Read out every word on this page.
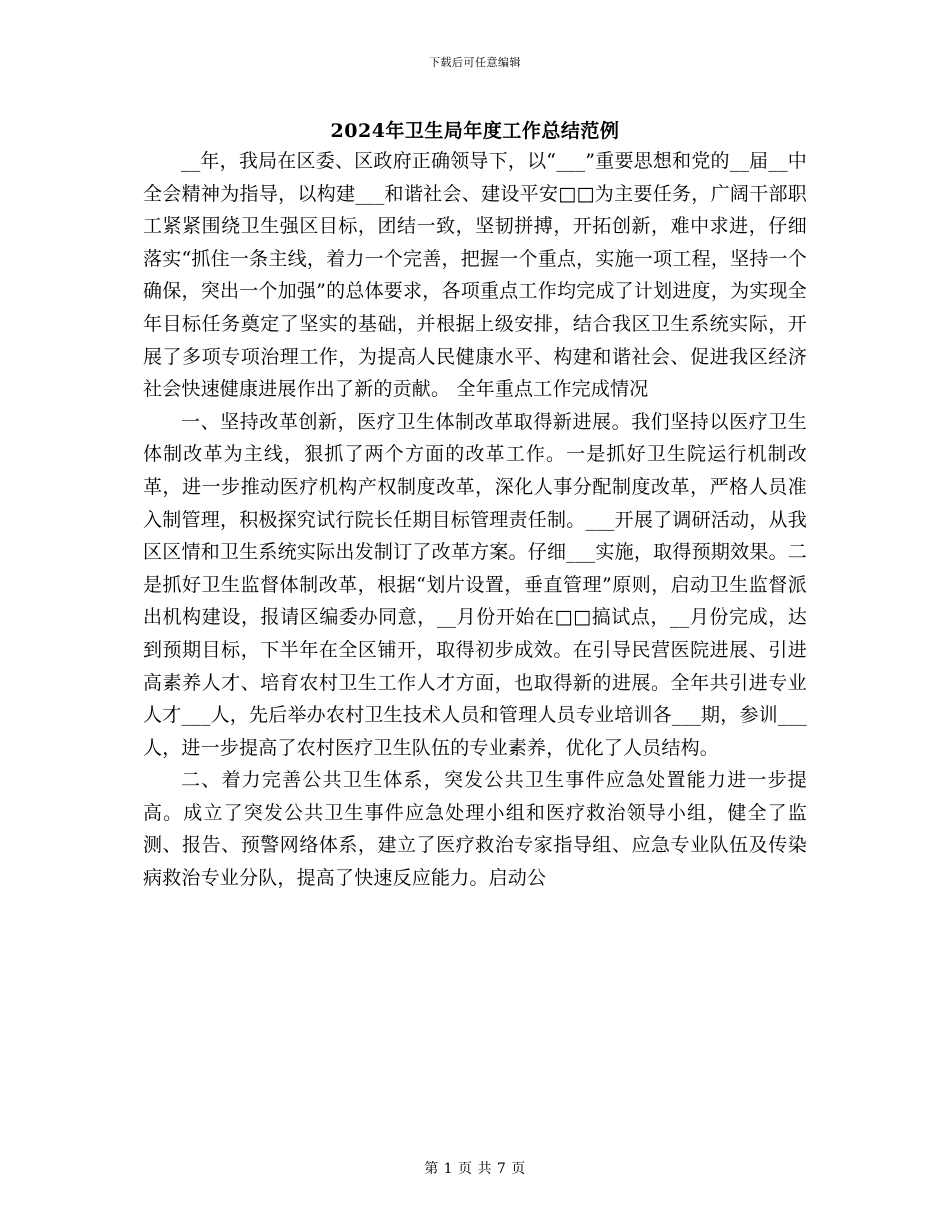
下载后可任意编辑
2024年卫生局年度工作总结范例

__年，我局在区委、区政府正确领导下，以“___”重要思想和党的__届__中全会精神为指导，以构建___和谐社会、建设平安□□为主要任务，广阔干部职工紧紧围绕卫生强区目标，团结一致，坚韧拼搏，开拓创新，难中求进，仔细落实“抓住一条主线，着力一个完善，把握一个重点，实施一项工程，坚持一个确保，突出一个加强”的总体要求，各项重点工作均完成了计划进度，为实现全年目标任务奠定了坚实的基础，并根据上级安排，结合我区卫生系统实际，开展了多项专项治理工作，为提高人民健康水平、构建和谐社会、促进我区经济社会快速健康进展作出了新的贡献。 全年重点工作完成情况

一、坚持改革创新，医疗卫生体制改革取得新进展。我们坚持以医疗卫生体制改革为主线，狠抓了两个方面的改革工作。一是抓好卫生院运行机制改革，进一步推动医疗机构产权制度改革，深化人事分配制度改革，严格人员准入制管理，积极探究试行院长任期目标管理责任制。___开展了调研活动，从我区区情和卫生系统实际出发制订了改革方案。仔细___实施，取得预期效果。二是抓好卫生监督体制改革，根据“划片设置，垂直管理”原则，启动卫生监督派出机构建设，报请区编委办同意，__月份开始在□□搞试点，__月份完成，达到预期目标，下半年在全区铺开，取得初步成效。在引导民营医院进展、引进高素养人才、培育农村卫生工作人才方面，也取得新的进展。全年共引进专业人才___人，先后举办农村卫生技术人员和管理人员专业培训各___期，参训___人，进一步提高了农村医疗卫生队伍的专业素养，优化了人员结构。

二、着力完善公共卫生体系，突发公共卫生事件应急处置能力进一步提高。成立了突发公共卫生事件应急处理小组和医疗救治领导小组，健全了监测、报告、预警网络体系，建立了医疗救治专家指导组、应急专业队伍及传染病救治专业分队，提高了快速反应能力。启动公

第 1 页 共 7 页
